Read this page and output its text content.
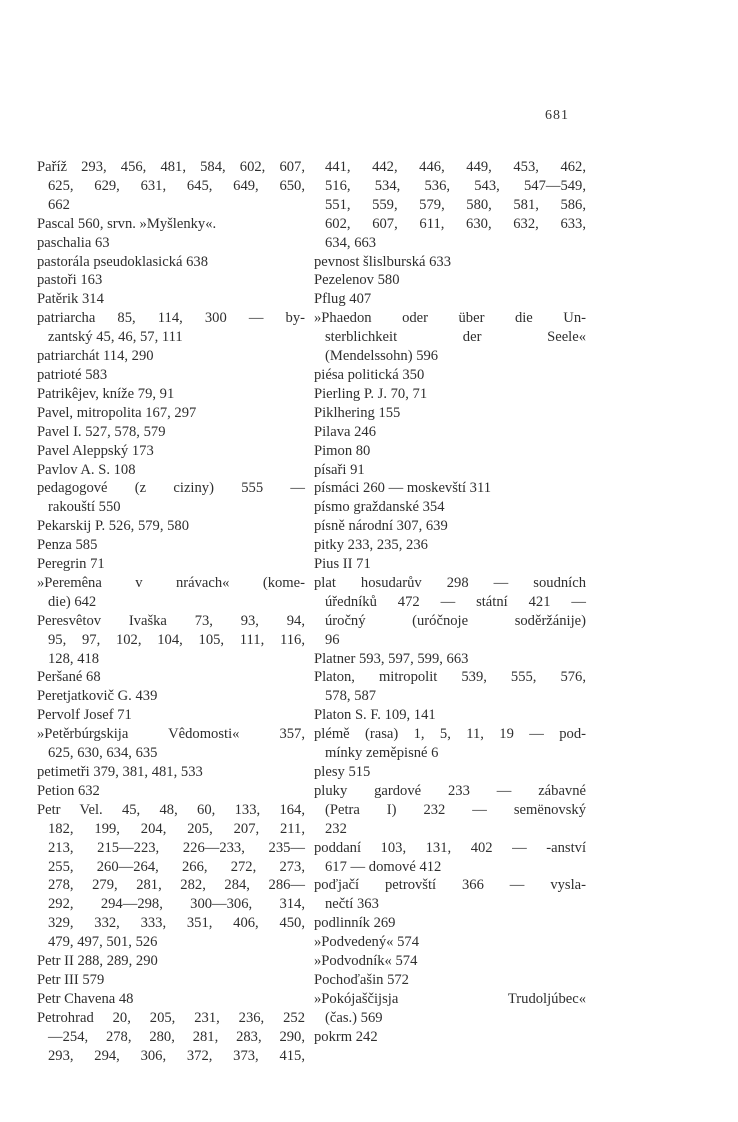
681
Paříž 293, 456, 481, 584, 602, 607,
625, 629, 631, 645, 649, 650,
662
Pascal 560, srvn. »Myšlenky«.
paschalia 63
pastorála pseudoklasická 638
pastoři 163
Patěrik 314
patriarcha 85, 114, 300 — by-
zantský 45, 46, 57, 111
patriarchát 114, 290
patrioté 583
Patrikêjev, kníže 79, 91
Pavel, mitropolita 167, 297
Pavel I. 527, 578, 579
Pavel Aleppský 173
Pavlov A. S. 108
pedagogové (z ciziny) 555 —
rakouští 550
Pekarskij P. 526, 579, 580
Penza 585
Peregrin 71
»Peremêna v nrávach« (kome-
die) 642
Peresvêtov Ivaška 73, 93, 94,
95, 97, 102, 104, 105, 111, 116,
128, 418
Peršané 68
Peretjatkovič G. 439
Pervolf Josef 71
»Petěrbúrgskija Vêdomosti« 357,
625, 630, 634, 635
petimetři 379, 381, 481, 533
Petion 632
Petr Vel. 45, 48, 60, 133, 164,
182, 199, 204, 205, 207, 211,
213, 215—223, 226—233, 235—
255, 260—264, 266, 272, 273,
278, 279, 281, 282, 284, 286—
292, 294—298, 300—306, 314,
329, 332, 333, 351, 406, 450,
479, 497, 501, 526
Petr II 288, 289, 290
Petr III 579
Petr Chavena 48
Petrohrad 20, 205, 231, 236, 252
—254, 278, 280, 281, 283, 290,
293, 294, 306, 372, 373, 415,
441, 442, 446, 449, 453, 462,
516, 534, 536, 543, 547—549,
551, 559, 579, 580, 581, 586,
602, 607, 611, 630, 632, 633,
634, 663
pevnost šlislburská 633
Pezelenov 580
Pflug 407
»Phaedon oder über die Un-
sterblichkeit der Seele«
(Mendelssohn) 596
piésa politická 350
Pierling P. J. 70, 71
Piklhering 155
Pilava 246
Pimon 80
písaři 91
písmáci 260 — moskevští 311
písmo graždanské 354
písně národní 307, 639
pitky 233, 235, 236
Pius II 71
plat hosudarův 298 — soudních
úředníků 472 — státní 421 —
úročný (uróčnoje soděržánije)
96
Platner 593, 597, 599, 663
Platon, mitropolit 539, 555, 576,
578, 587
Platon S. F. 109, 141
plémě (rasa) 1, 5, 11, 19 — pod-
mínky zeměpisné 6
plesy 515
pluky gardové 233 — zábavné
(Petra I) 232 — semënovský
232
poddaní 103, 131, 402 — -anství
617 — domové 412
poďjačí petrovští 366 — vysla-
nečtí 363
podlinník 269
»Podvedený« 574
»Podvodník« 574
Pochoďašin 572
»Pokójaščijsja Trudoljúbec«
(čas.) 569
pokrm 242
